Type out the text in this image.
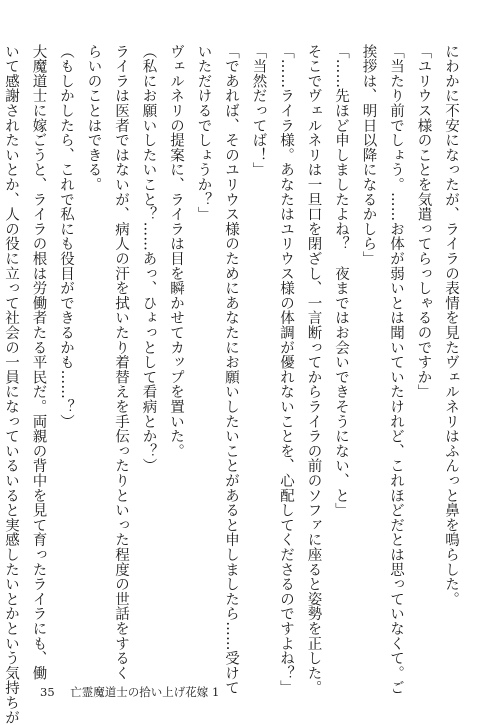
にわかに不安になったが、ライラの表情を見たヴェルネリはふんっと鼻を鳴らした。
「ユリウス様のことを気遣ってらっしゃるのですか」
「当たり前でしょう。……お体が弱いとは聞いていたけれど、これほどだとは思っていなくて。ご
挨拶は、明日以降になるかしら」
「……先ほど申しましたよね？　夜まではお会いできそうにない、と」
そこでヴェルネリは一旦口を閉ざし、一言断ってからライラの前のソファに座ると姿勢を正した。
「……ライラ様。あなたはユリウス様の体調が優れないことを、心配してくださるのですよね？」
「当然だってば！」
「であれば、そのユリウス様のためにあなたにお願いしたいことがあると申しましたら……受けて
いただけるでしょうか？」
ヴェルネリの提案に、ライラは目を瞬かせてカップを置いた。
（私にお願いしたいこと？……あっ、ひょっとして看病とか？）
ライラは医者ではないが、病人の汗を拭いたり着替えを手伝ったりといった程度の世話をするく
らいのことはできる。
（もしかしたら、これで私にも役目ができるかも……？）
大魔道士に嫁ごうと、ライラの根は労働者たる平民だ。両親の背中を見て育ったライラにも、働
いて感謝されたいとか、人の役に立って社会の一員になっているいると実感したいとかという気持ちが	35 亡霊魔道士の拾い上げ花嫁 1
